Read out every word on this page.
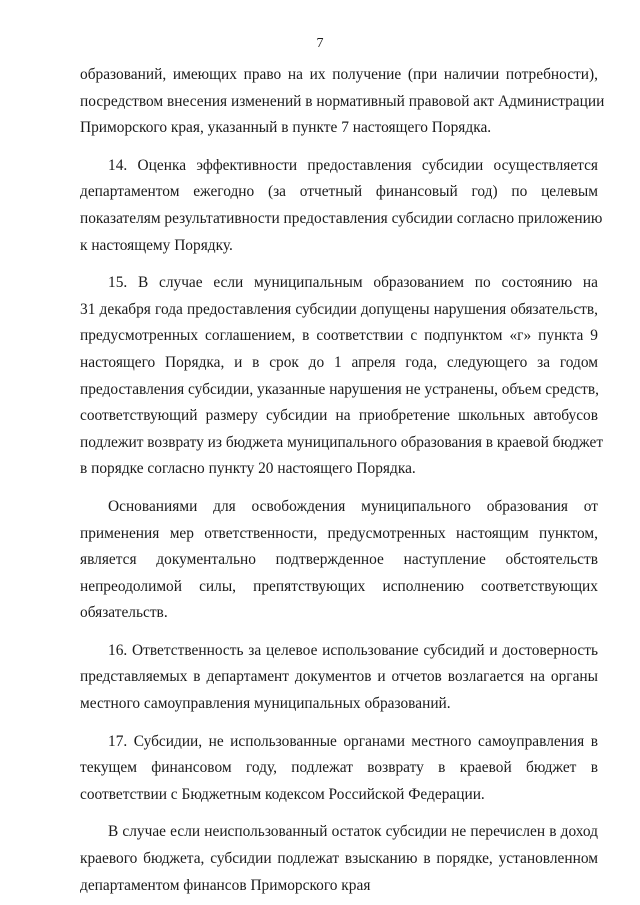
7
образований, имеющих право на их получение (при наличии потребности),
посредством внесения изменений в нормативный правовой акт Администрации
Приморского края, указанный в пункте 7 настоящего Порядка.
14. Оценка эффективности предоставления субсидии осуществляется
департаментом ежегодно (за отчетный финансовый год) по целевым
показателям результативности предоставления субсидии согласно приложению
к настоящему Порядку.
15. В случае если муниципальным образованием по состоянию на
31 декабря года предоставления субсидии допущены нарушения обязательств,
предусмотренных соглашением, в соответствии с подпунктом «г» пункта 9
настоящего Порядка, и в срок до 1 апреля года, следующего за годом
предоставления субсидии, указанные нарушения не устранены, объем средств,
соответствующий размеру субсидии на приобретение школьных автобусов
подлежит возврату из бюджета муниципального образования в краевой бюджет
в порядке согласно пункту 20 настоящего Порядка.
Основаниями для освобождения муниципального образования от
применения мер ответственности, предусмотренных настоящим пунктом,
является документально подтвержденное наступление обстоятельств
непреодолимой силы, препятствующих исполнению соответствующих
обязательств.
16. Ответственность за целевое использование субсидий и достоверность
представляемых в департамент документов и отчетов возлагается на органы
местного самоуправления муниципальных образований.
17. Субсидии, не использованные органами местного самоуправления в
текущем финансовом году, подлежат возврату в краевой бюджет в
соответствии с Бюджетным кодексом Российской Федерации.
В случае если неиспользованный остаток субсидии не перечислен в доход
краевого бюджета, субсидии подлежат взысканию в порядке, установленном
департаментом финансов Приморского края
